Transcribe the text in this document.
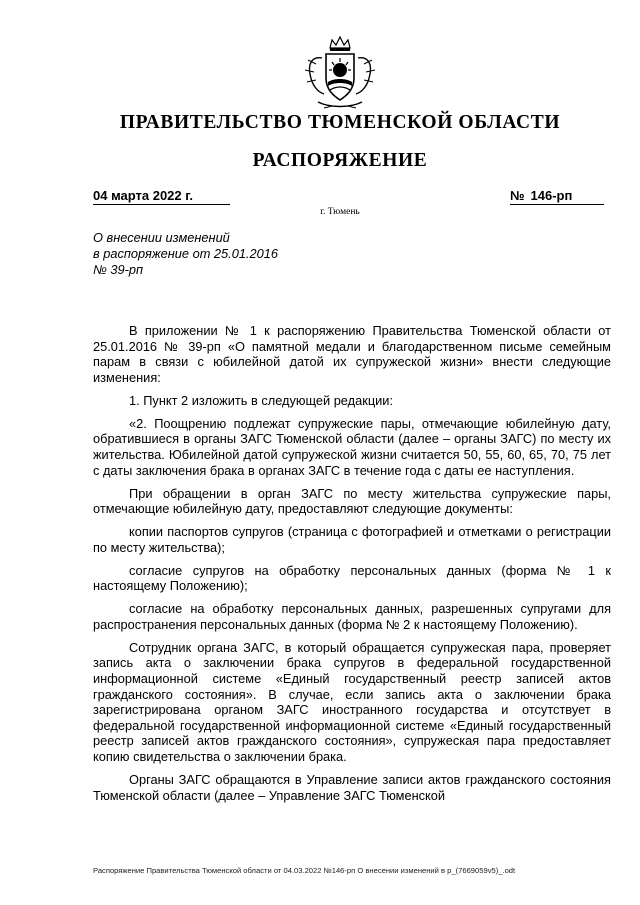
ПРАВИТЕЛЬСТВО ТЮМЕНСКОЙ ОБЛАСТИ
РАСПОРЯЖЕНИЕ
04 марта 2022 г.	№ 146-рп
г. Тюмень
О внесении изменений
в распоряжение от 25.01.2016
№ 39-рп

В приложении № 1 к распоряжению Правительства Тюменской области от 25.01.2016 № 39-рп «О памятной медали и благодарственном письме семейным парам в связи с юбилейной датой их супружеской жизни» внести следующие изменения:

1. Пункт 2 изложить в следующей редакции:

«2. Поощрению подлежат супружеские пары, отмечающие юбилейную дату, обратившиеся в органы ЗАГС Тюменской области (далее – органы ЗАГС) по месту их жительства. Юбилейной датой супружеской жизни считается 50, 55, 60, 65, 70, 75 лет с даты заключения брака в органах ЗАГС в течение года с даты ее наступления.

При обращении в орган ЗАГС по месту жительства супружеские пары, отмечающие юбилейную дату, предоставляют следующие документы:

копии паспортов супругов (страница с фотографией и отметками о регистрации по месту жительства);

согласие супругов на обработку персональных данных (форма № 1 к настоящему Положению);

согласие на обработку персональных данных, разрешенных супругами для распространения персональных данных (форма № 2 к настоящему Положению).

Сотрудник органа ЗАГС, в который обращается супружеская пара, проверяет запись акта о заключении брака супругов в федеральной государственной информационной системе «Единый государственный реестр записей актов гражданского состояния». В случае, если запись акта о заключении брака зарегистрирована органом ЗАГС иностранного государства и отсутствует в федеральной государственной информационной системе «Единый государственный реестр записей актов гражданского состояния», супружеская пара предоставляет копию свидетельства о заключении брака.

Органы ЗАГС обращаются в Управление записи актов гражданского состояния Тюменской области (далее – Управление ЗАГС Тюменской

Распоряжение Правительства Тюменской области от 04.03.2022 №146-рп О внесении изменений в р_(7669059v5)_.odt
